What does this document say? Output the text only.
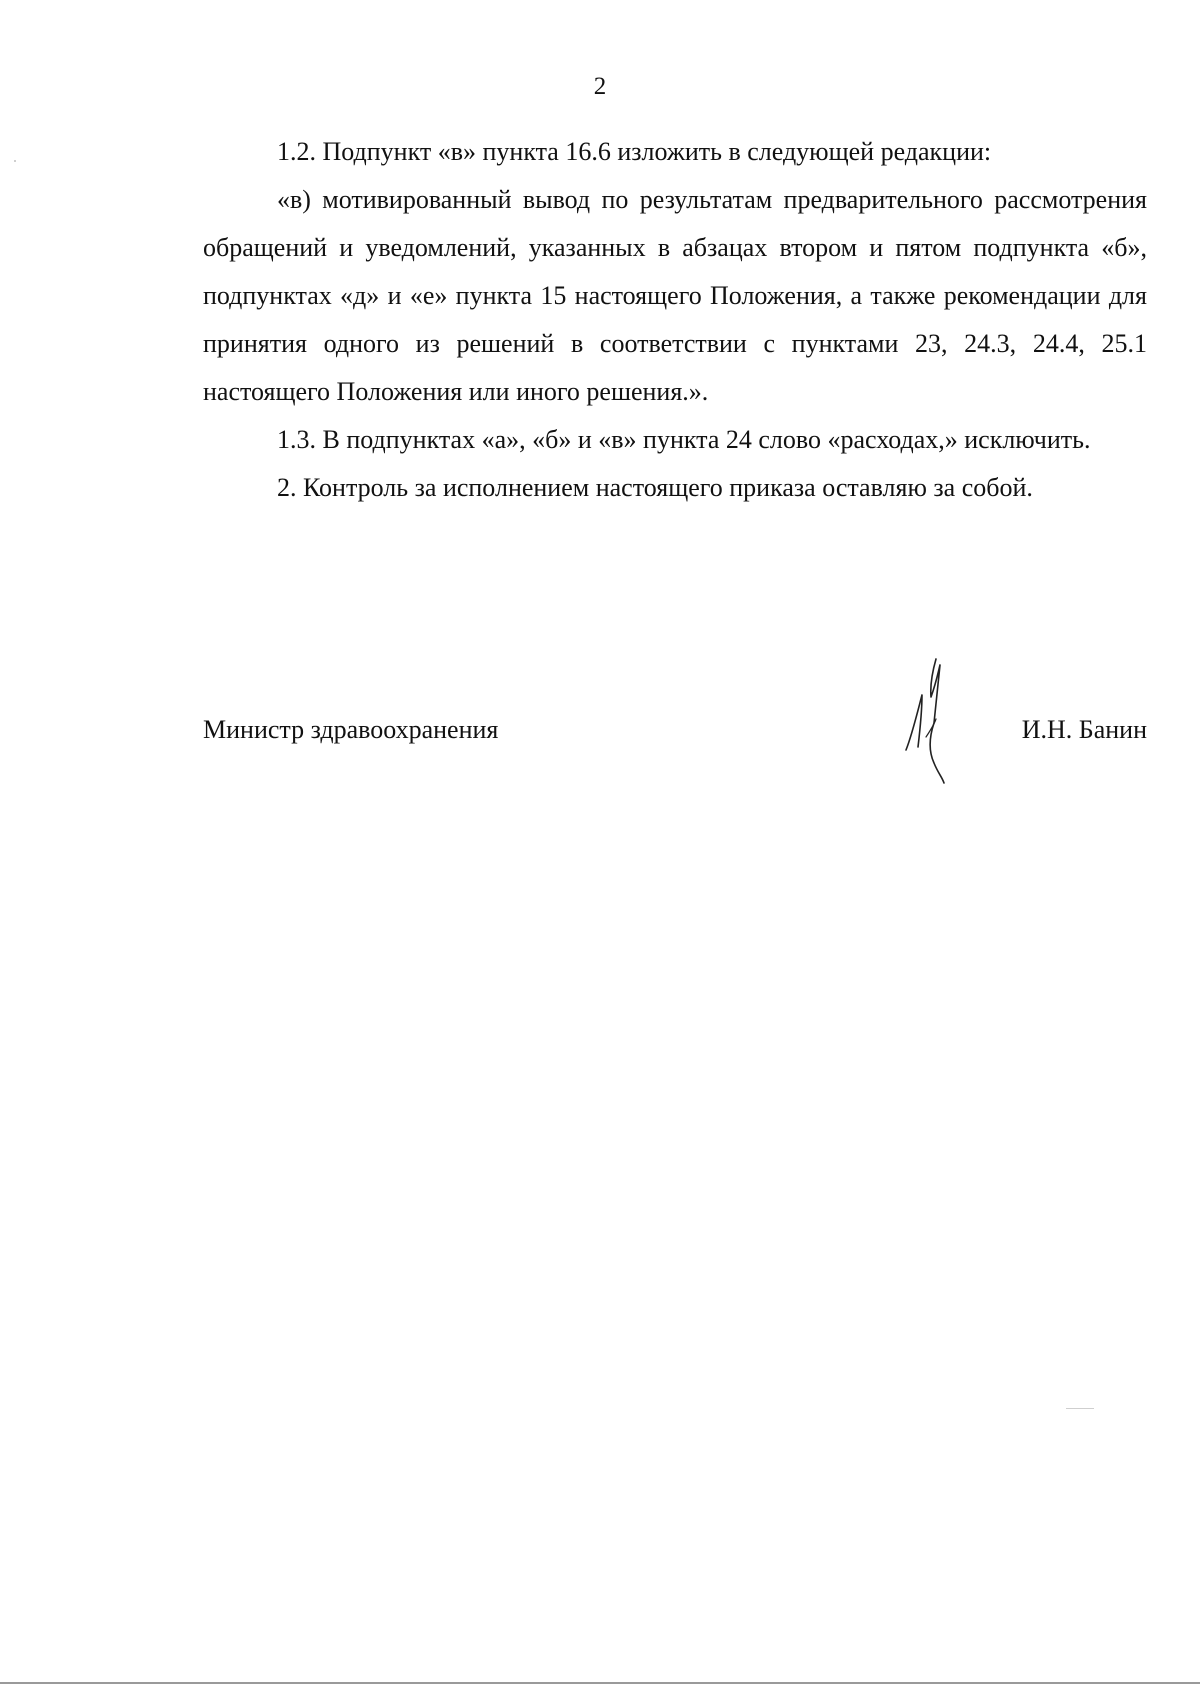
2

1.2. Подпункт «в» пункта 16.6 изложить в следующей редакции:

«в) мотивированный вывод по результатам предварительного рассмотрения обращений и уведомлений, указанных в абзацах втором и пятом подпункта «б», подпунктах «д» и «е» пункта 15 настоящего Положения, а также рекомендации для принятия одного из решений в соответствии с пунктами 23, 24.3, 24.4, 25.1 настоящего Положения или иного решения.».

1.3. В подпунктах «а», «б» и «в» пункта 24 слово «расходах,» исключить.

2. Контроль за исполнением настоящего приказа оставляю за собой.

Министр здравоохранения	И.Н. Банин
